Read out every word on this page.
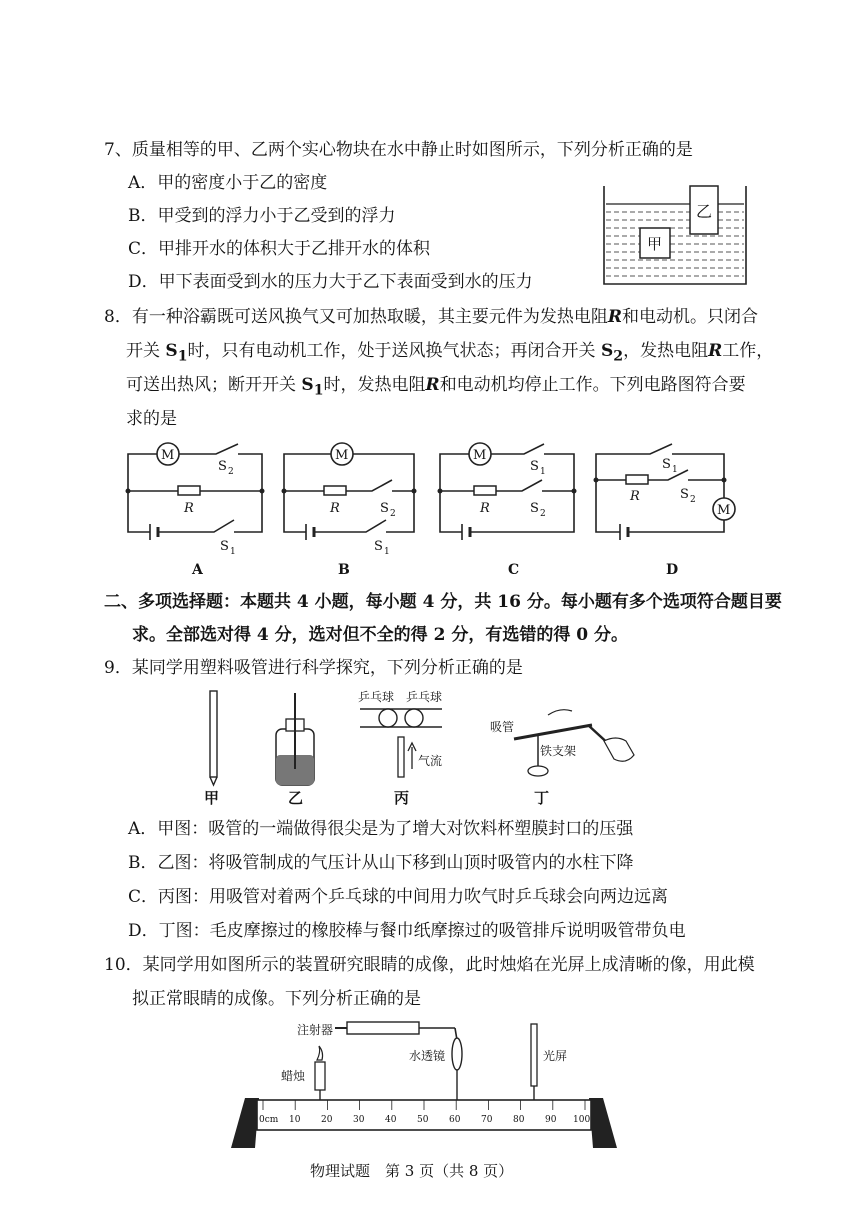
7、质量相等的甲、乙两个实心物块在水中静止时如图所示，下列分析正确的是
A．甲的密度小于乙的密度
B．甲受到的浮力小于乙受到的浮力
C．甲排开水的体积大于乙排开水的体积
D．甲下表面受到水的压力大于乙下表面受到水的压力
乙
甲
8．有一种浴霸既可送风换气又可加热取暖，其主要元件为发热电阻R和电动机。只闭合
开关 $S_1$时，只有电动机工作，处于送风换气状态；再闭合开关 $S_2$，发热电阻R工作，
可送出热风；断开开关 $S_1$时，发热电阻R和电动机均停止工作。下列电路图符合要
求的是
M
S 2
R
S 1
A
M
R	S 2
S 1
B
M
S 1
R	S 2
C
S 1
R	S 2
M
D
二、多项选择题：本题共 4 小题，每小题 4 分，共 16 分。每小题有多个选项符合题目要
求。全部选对得 4 分，选对但不全的得 2 分，有选错的得 0 分。
9．某同学用塑料吸管进行科学探究，下列分析正确的是
甲	乙
乒乓球 乒乓球
气流
丙
吸管
铁支架
丁
A．甲图：吸管的一端做得很尖是为了增大对饮料杯塑膜封口的压强
B．乙图：将吸管制成的气压计从山下移到山顶时吸管内的水柱下降
C．丙图：用吸管对着两个乒乓球的中间用力吹气时乒乓球会向两边远离
D．丁图：毛皮摩擦过的橡胶棒与餐巾纸摩擦过的吸管排斥说明吸管带负电
10．某同学用如图所示的装置研究眼睛的成像，此时烛焰在光屏上成清晰的像，用此模
拟正常眼睛的成像。下列分析正确的是
注射器
水透镜	光屏
蜡烛
0cm 10 20 30 40 50 60 70 80 90 100
物理试题　第 3 页（共 8 页）
